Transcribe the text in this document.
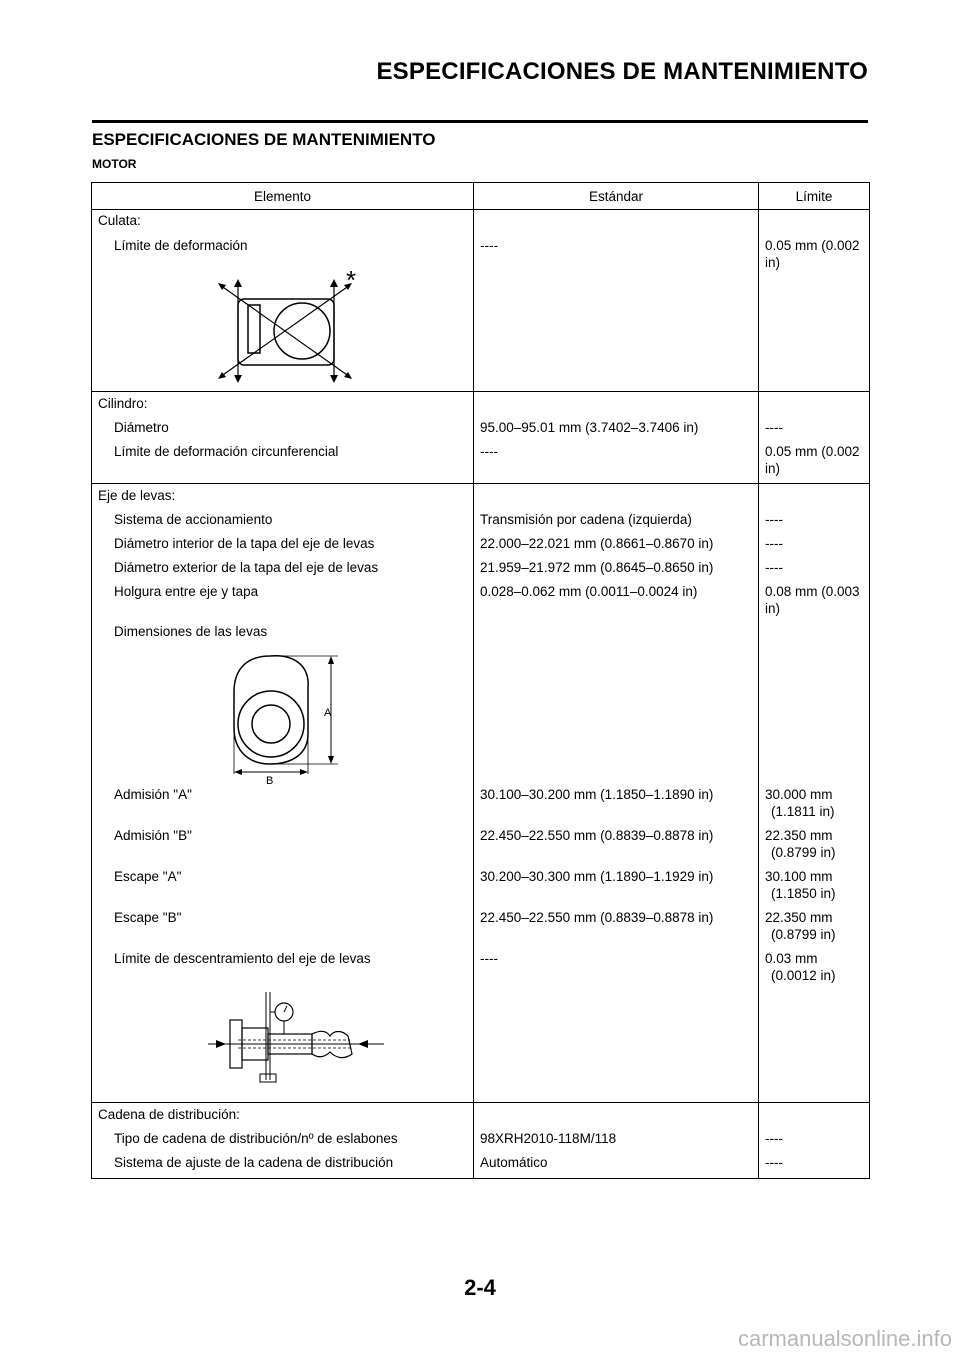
ESPECIFICACIONES DE MANTENIMIENTO
ESPECIFICACIONES DE MANTENIMIENTO
MOTOR
Elemento	Estándar	Límite
Culata:		
Límite de deformación	----	0.05 mm (0.002 in)

*		

Cilindro:		
Diámetro	95.00–95.01 mm (3.7402–3.7406 in)	----
Límite de deformación circunferencial	----	0.05 mm (0.002 in)
Eje de levas:		
Sistema de accionamiento	Transmisión por cadena (izquierda)	----
Diámetro interior de la tapa del eje de levas	22.000–22.021 mm (0.8661–0.8670 in)	----
Diámetro exterior de la tapa del eje de levas	21.959–21.972 mm (0.8645–0.8650 in)	----
Holgura entre eje y tapa	0.028–0.062 mm (0.0011–0.0024 in)	0.08 mm (0.003 in)
Dimensiones de las levas		

A
B		

Admisión "A"	30.100–30.200 mm (1.1850–1.1890 in)	30.000 mm
(1.1811 in)

Admisión "B"	22.450–22.550 mm (0.8839–0.8878 in)	22.350 mm
(0.8799 in)

Escape "A"	30.200–30.300 mm (1.1890–1.1929 in)	30.100 mm
(1.1850 in)

Escape "B"	22.450–22.550 mm (0.8839–0.8878 in)	22.350 mm
(0.8799 in)

Límite de descentramiento del eje de levas	----	0.03 mm
(0.0012 in)

Cadena de distribución:		
Tipo de cadena de distribución/nº de eslabones	98XRH2010-118M/118	----
Sistema de ajuste de la cadena de distribución	Automático	----
2-4
carmanualsonline.info
